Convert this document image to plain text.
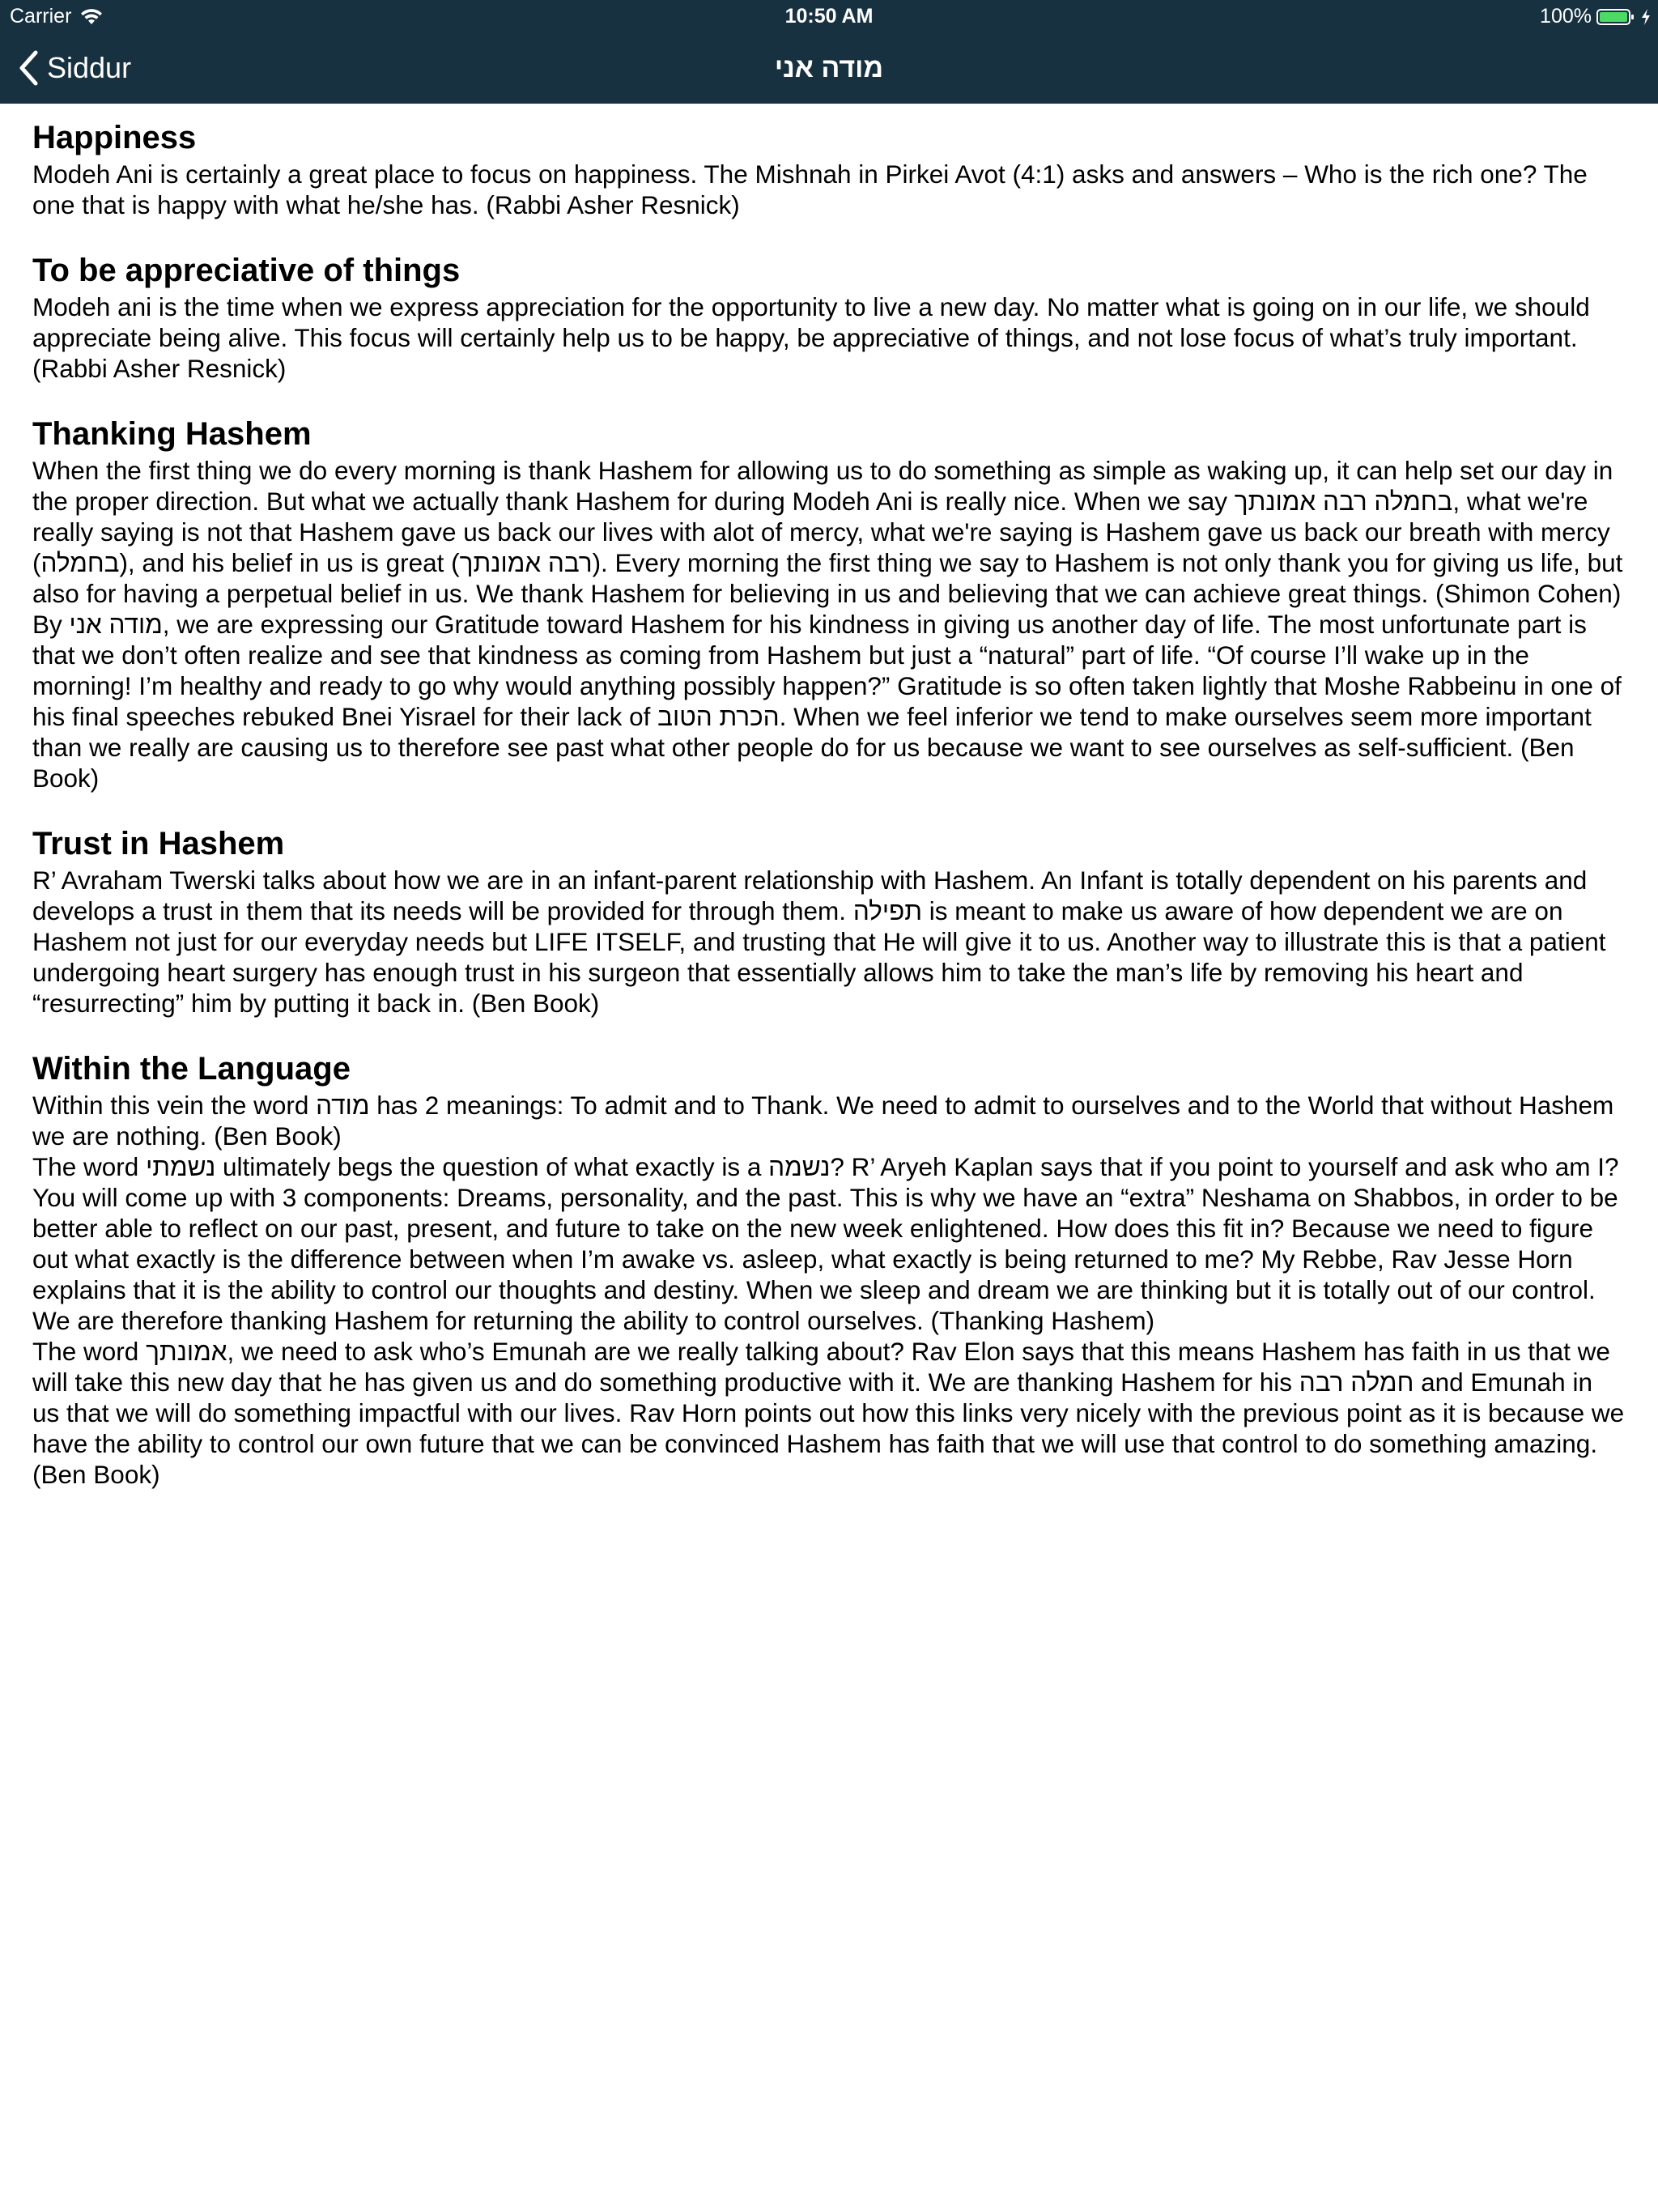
Carrier	10:50 AM	100%
Siddur	מודה אני
Happiness

Modeh Ani is certainly a great place to focus on happiness. The Mishnah in Pirkei Avot (4:1) asks and answers – Who is the rich one? The one that is happy with what he/she has. (Rabbi Asher Resnick)

To be appreciative of things

Modeh ani is the time when we express appreciation for the opportunity to live a new day. No matter what is going on in our life, we should appreciate being alive. This focus will certainly help us to be happy, be appreciative of things, and not lose focus of what’s truly important. (Rabbi Asher Resnick)

Thanking Hashem

When the first thing we do every morning is thank Hashem for allowing us to do something as simple as waking up, it can help set our day in the proper direction. But what we actually thank Hashem for during Modeh Ani is really nice. When we say בחמלה רבה אמונתך, what we're really saying is not that Hashem gave us back our lives with alot of mercy, what we're saying is Hashem gave us back our breath with mercy (בחמלה), and his belief in us is great (רבה אמונתך). Every morning the first thing we say to Hashem is not only thank you for giving us life, but also for having a perpetual belief in us. We thank Hashem for believing in us and believing that we can achieve great things. (Shimon Cohen)

By מודה אני, we are expressing our Gratitude toward Hashem for his kindness in giving us another day of life. The most unfortunate part is that we don’t often realize and see that kindness as coming from Hashem but just a “natural” part of life. “Of course I’ll wake up in the morning! I’m healthy and ready to go why would anything possibly happen?” Gratitude is so often taken lightly that Moshe Rabbeinu in one of his final speeches rebuked Bnei Yisrael for their lack of הכרת הטוב. When we feel inferior we tend to make ourselves seem more important than we really are causing us to therefore see past what other people do for us because we want to see ourselves as self-sufficient. (Ben Book)

Trust in Hashem

R’ Avraham Twerski talks about how we are in an infant-parent relationship with Hashem. An Infant is totally dependent on his parents and develops a trust in them that its needs will be provided for through them. תפילה is meant to make us aware of how dependent we are on Hashem not just for our everyday needs but LIFE ITSELF, and trusting that He will give it to us. Another way to illustrate this is that a patient undergoing heart surgery has enough trust in his surgeon that essentially allows him to take the man’s life by removing his heart and “resurrecting” him by putting it back in. (Ben Book)

Within the Language

Within this vein the word מודה has 2 meanings: To admit and to Thank. We need to admit to ourselves and to the World that without Hashem we are nothing. (Ben Book)

The word נשמתי ultimately begs the question of what exactly is a נשמה? R’ Aryeh Kaplan says that if you point to yourself and ask who am I? You will come up with 3 components: Dreams, personality, and the past. This is why we have an “extra” Neshama on Shabbos, in order to be better able to reflect on our past, present, and future to take on the new week enlightened. How does this fit in? Because we need to figure out what exactly is the difference between when I’m awake vs. asleep, what exactly is being returned to me? My Rebbe, Rav Jesse Horn explains that it is the ability to control our thoughts and destiny. When we sleep and dream we are thinking but it is totally out of our control. We are therefore thanking Hashem for returning the ability to control ourselves. (Thanking Hashem)

The word אמונתך, we need to ask who’s Emunah are we really talking about? Rav Elon says that this means Hashem has faith in us that we will take this new day that he has given us and do something productive with it. We are thanking Hashem for his חמלה רבה and Emunah in us that we will do something impactful with our lives. Rav Horn points out how this links very nicely with the previous point as it is because we have the ability to control our own future that we can be convinced Hashem has faith that we will use that control to do something amazing. (Ben Book)
